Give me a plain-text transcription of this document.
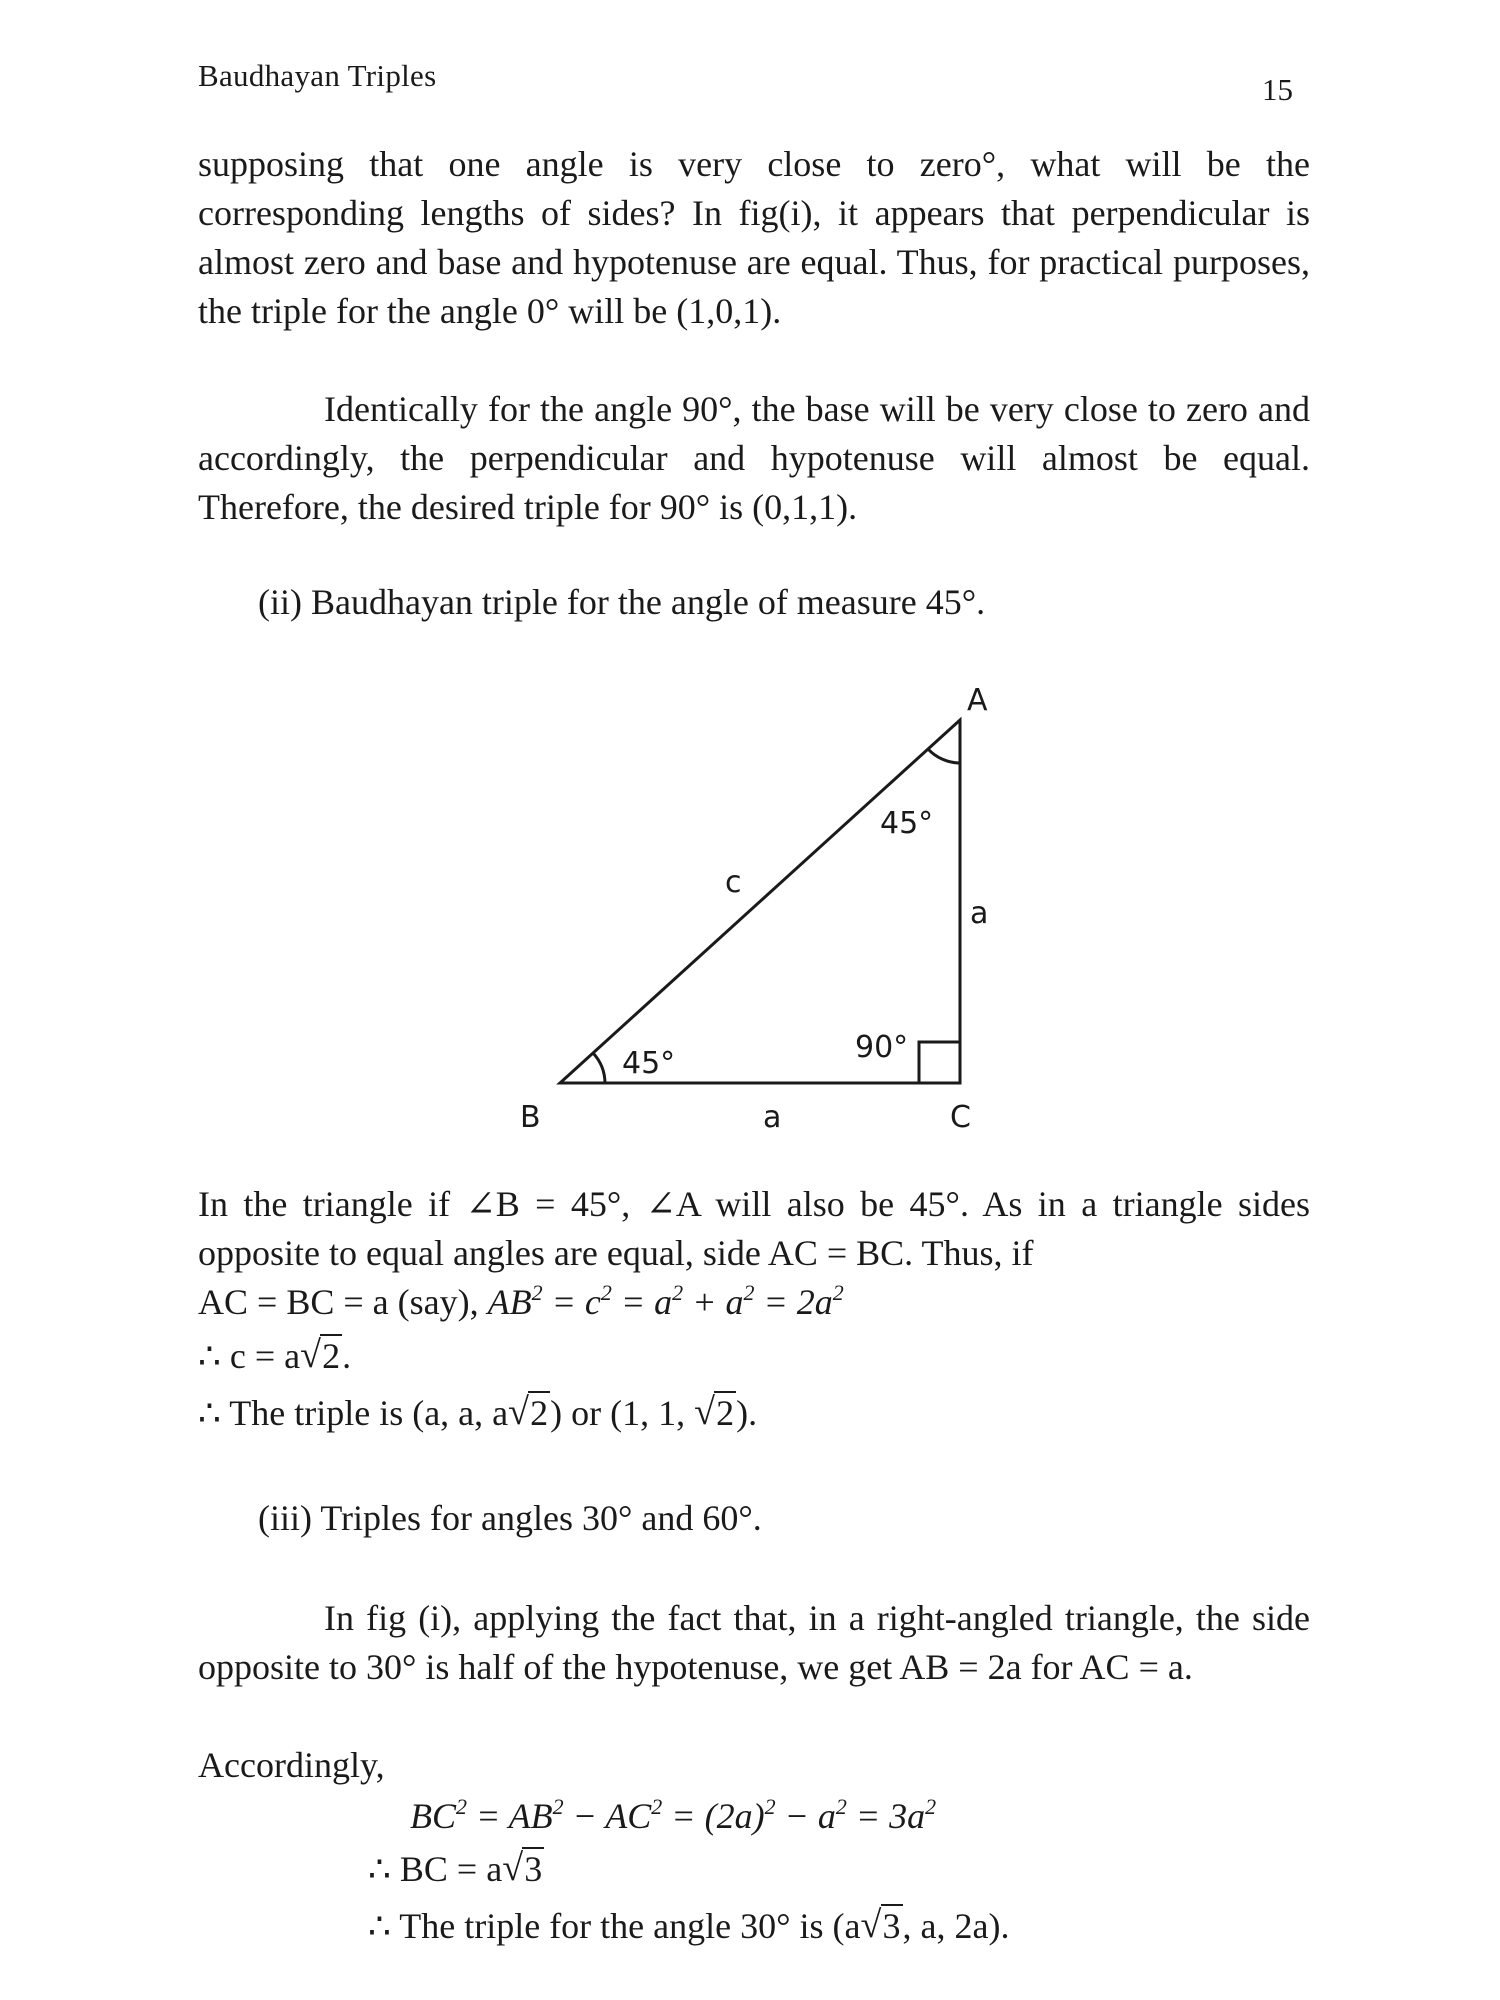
Baudhayan Triples	15

supposing that one angle is very close to zero°, what will be the corresponding lengths of sides? In fig(i), it appears that perpendicular is almost zero and base and hypotenuse are equal. Thus, for practical purposes, the triple for the angle 0° will be (1,0,1).

Identically for the angle 90°, the base will be very close to zero and accordingly, the perpendicular and hypotenuse will almost be equal. Therefore, the desired triple for 90° is (0,1,1).

(ii) Baudhayan triple for the angle of measure 45°.
A
B	C
c
a
a
45°
45°	90°

In the triangle if ∠B = 45°, ∠A will also be 45°. As in a triangle sides opposite to equal angles are equal, side AC = BC. Thus, if

AC = BC = a (say), $AB^2 = c^2 = a^2 + a^2 = 2a^2$
∴ c = a √ 2.
∴ The triple is (a, a, a √ 2) or (1, 1, √ 2).
(iii) Triples for angles 30° and 60°.

In fig (i), applying the fact that, in a right-angled triangle, the side opposite to 30° is half of the hypotenuse, we get AB = 2a for AC = a.

Accordingly,
$BC^2 = AB^2 - AC^2 = (2a)^2 - a^2 = 3a^2$
∴ BC = a √ 3
∴ The triple for the angle 30° is (a √ 3, a, 2a).
